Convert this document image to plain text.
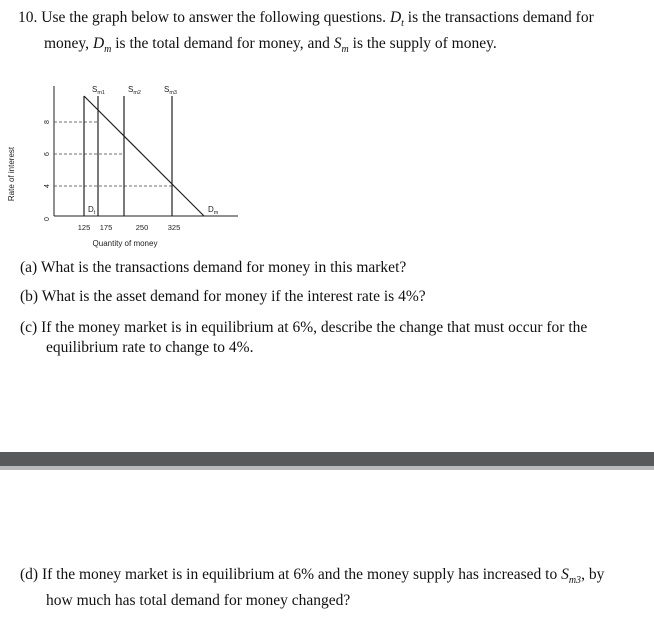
10. Use the graph below to answer the following questions. $D_t$ is the transactions demand for
money, $D_m$ is the total demand for money, and $S_m$ is the supply of money.
Rate of interest
8
6
4
0
$S_{m1}$	$S_{m2}$	$S_{m3}$
$D_t$	$D_m$
125 175	250	325
Quantity of money
(a) What is the transactions demand for money in this market?
(b) What is the asset demand for money if the interest rate is 4%?
(c) If the money market is in equilibrium at 6%, describe the change that must occur for the
equilibrium rate to change to 4%.
(d) If the money market is in equilibrium at 6% and the money supply has increased to $S_{m3}$, by
how much has total demand for money changed?
